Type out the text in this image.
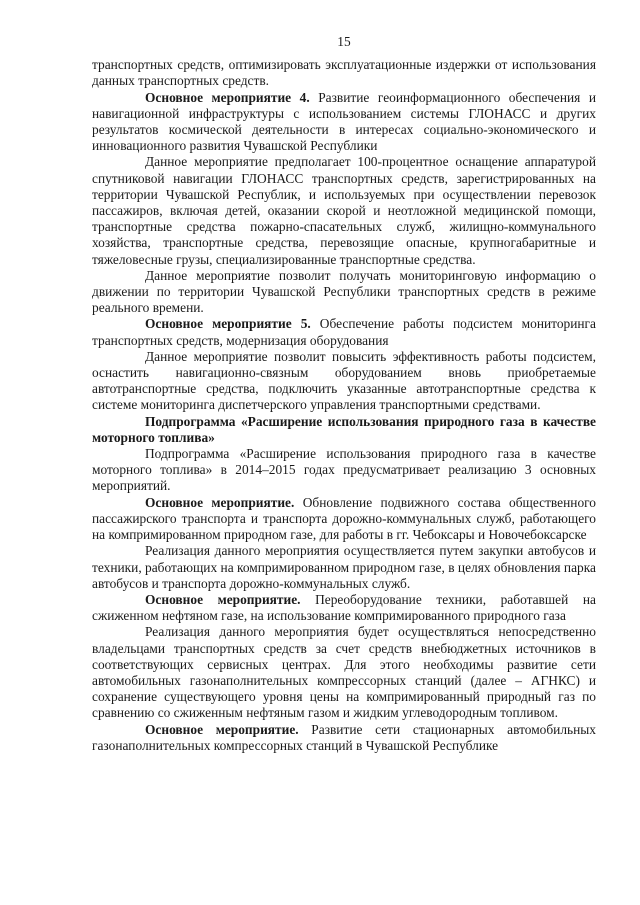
15

транспортных средств, оптимизировать эксплуатационные издержки от использования данных транспортных средств.

Основное мероприятие 4. Развитие геоинформационного обеспечения и навигационной инфраструктуры с использованием системы ГЛОНАСС и других результатов космической деятельности в интересах социально-экономического и инновационного развития Чувашской Республики

Данное мероприятие предполагает 100-процентное оснащение аппаратурой спутниковой навигации ГЛОНАСС транспортных средств, зарегистрированных на территории Чувашской Республик, и используемых при осуществлении перевозок пассажиров, включая детей, оказании скорой и неотложной медицинской помощи, транспортные средства пожарно-спасательных служб, жилищно-коммунального хозяйства, транспортные средства, перевозящие опасные, крупногабаритные и тяжеловесные грузы, специализированные транспортные средства.

Данное мероприятие позволит получать мониторинговую информацию о движении по территории Чувашской Республики транспортных средств в режиме реального времени.

Основное мероприятие 5. Обеспечение работы подсистем мониторинга транспортных средств, модернизация оборудования

Данное мероприятие позволит повысить эффективность работы подсистем, оснастить навигационно-связным оборудованием вновь приобретаемые автотранспортные средства, подключить указанные автотранспортные средства к системе мониторинга диспетчерского управления транспортными средствами.

Подпрограмма «Расширение использования природного газа в качестве моторного топлива»

Подпрограмма «Расширение использования природного газа в качестве моторного топлива» в 2014–2015 годах предусматривает реализацию 3 основных мероприятий.

Основное мероприятие. Обновление подвижного состава общественного пассажирского транспорта и транспорта дорожно-коммунальных служб, работающего на компримированном природном газе, для работы в гг. Чебоксары и Новочебоксарске

Реализация данного мероприятия осуществляется путем закупки автобусов и техники, работающих на компримированном природном газе, в целях обновления парка автобусов и транспорта дорожно-коммунальных служб.

Основное мероприятие. Переоборудование техники, работавшей на сжиженном нефтяном газе, на использование компримированного природного газа

Реализация данного мероприятия будет осуществляться непосредственно владельцами транспортных средств за счет средств внебюджетных источников в соответствующих сервисных центрах. Для этого необходимы развитие сети автомобильных газонаполнительных компрессорных станций (далее – АГНКС) и сохранение существующего уровня цены на компримированный природный газ по сравнению со сжиженным нефтяным газом и жидким углеводородным топливом.

Основное мероприятие. Развитие сети стационарных автомобильных газонаполнительных компрессорных станций в Чувашской Республике
